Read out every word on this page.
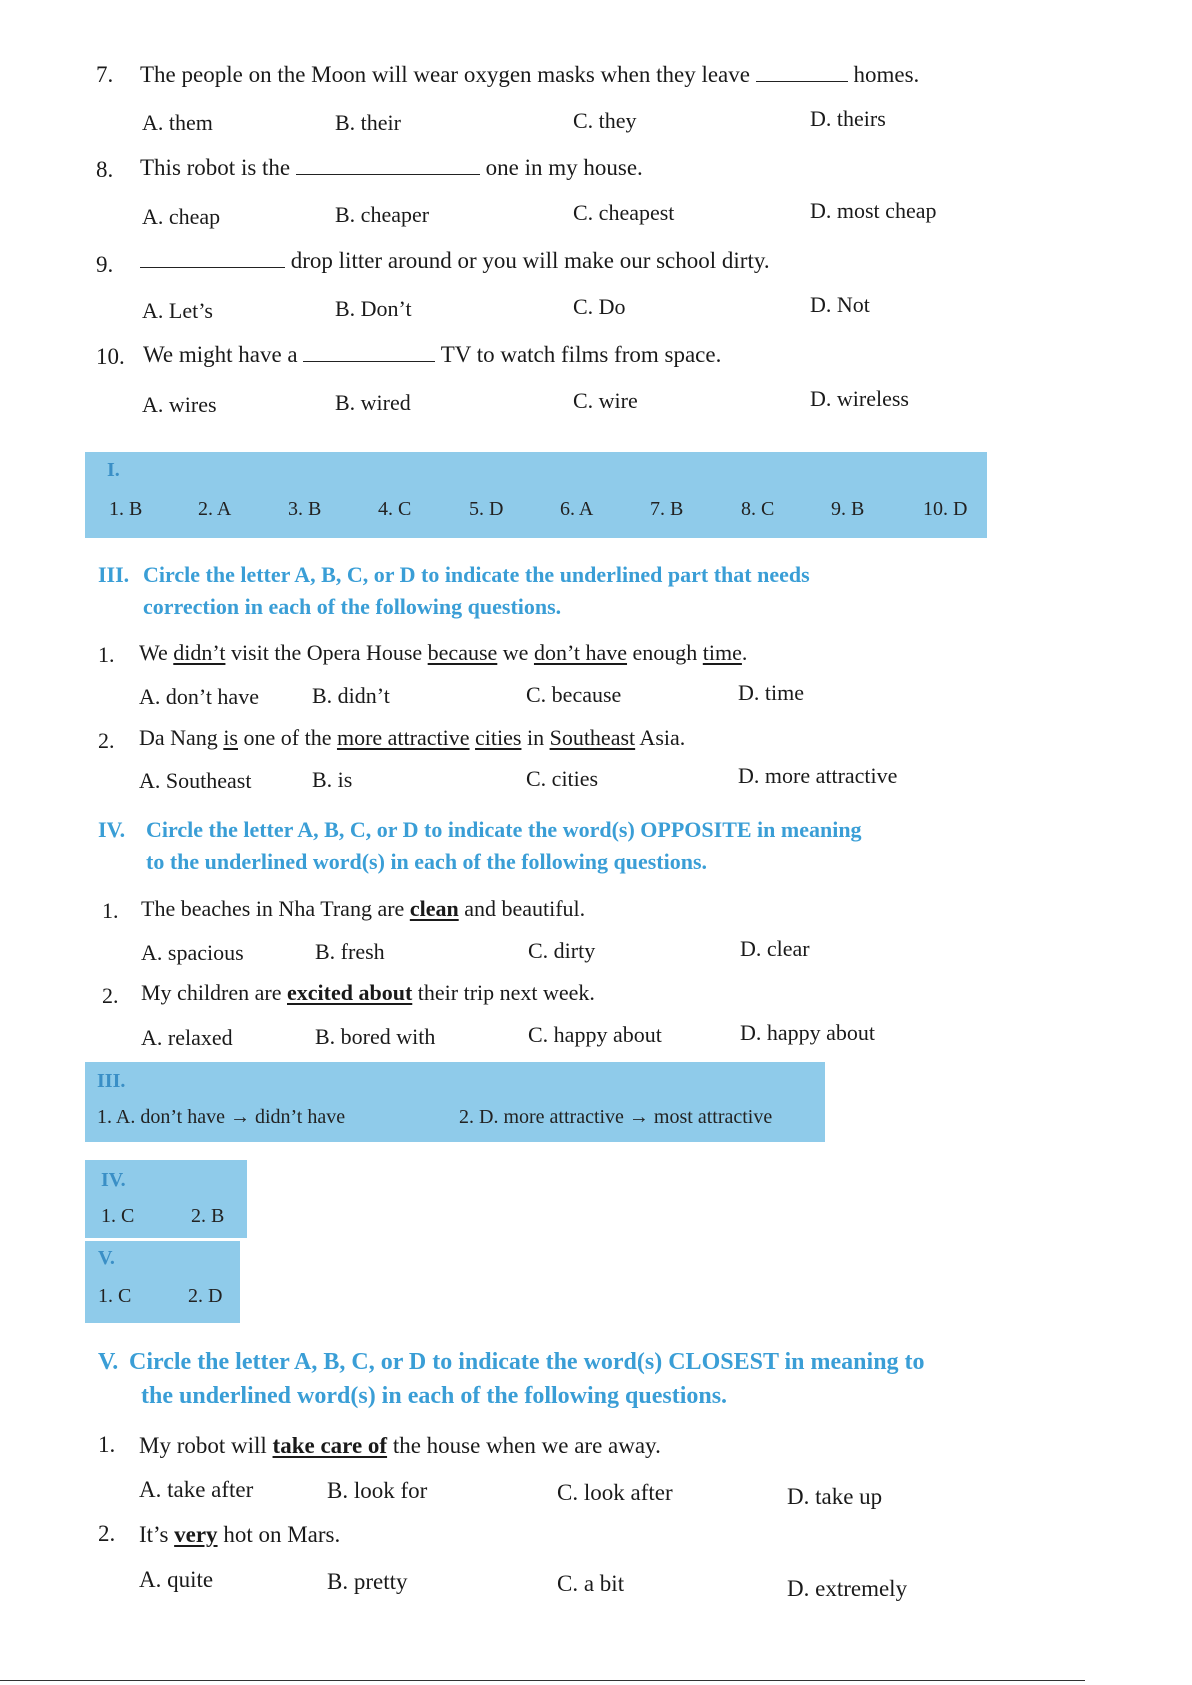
7. The people on the Moon will wear oxygen masks when they leave	homes.
A. them	B. their	C. they	D. theirs
8. This robot is the	one in my house.
A. cheap	B. cheaper	C. cheapest	D. most cheap
9.	drop litter around or you will make our school dirty.
A. Let’s	B. Don’t	C. Do	D. Not
10. We might have a	TV to watch films from space.
A. wires	B. wired	C. wire	D. wireless
I.
1. B	2. A	3. B	4. C	5. D	6. A	7. B	8. C	9. B	10. D
III. Circle the letter A, B, C, or D to indicate the underlined part that needs
correction in each of the following questions.
1. We didn’t visit the Opera House because we don’t have enough time.
A. don’t have B. didn’t	C. because	D. time
2. Da Nang is one of the more attractive cities in Southeast Asia.
A. Southeast	B. is	C. cities	D. more attractive
IV. Circle the letter A, B, C, or D to indicate the word(s) OPPOSITE in meaning
to the underlined word(s) in each of the following questions.
1. The beaches in Nha Trang are clean and beautiful.
A. spacious	B. fresh	C. dirty	D. clear
2. My children are excited about their trip next week.
A. relaxed	B. bored with	C. happy about	D. happy about
III.
1. A. don’t have → didn’t have	2. D. more attractive → most attractive
IV.
1. C	2. B
V.
1. C	2. D
V. Circle the letter A, B, C, or D to indicate the word(s) CLOSEST in meaning to
the underlined word(s) in each of the following questions.
1. My robot will take care of the house when we are away.
A. take after	B. look for	C. look after	D. take up
2. It’s very hot on Mars.
A. quite	B. pretty	C. a bit	D. extremely
